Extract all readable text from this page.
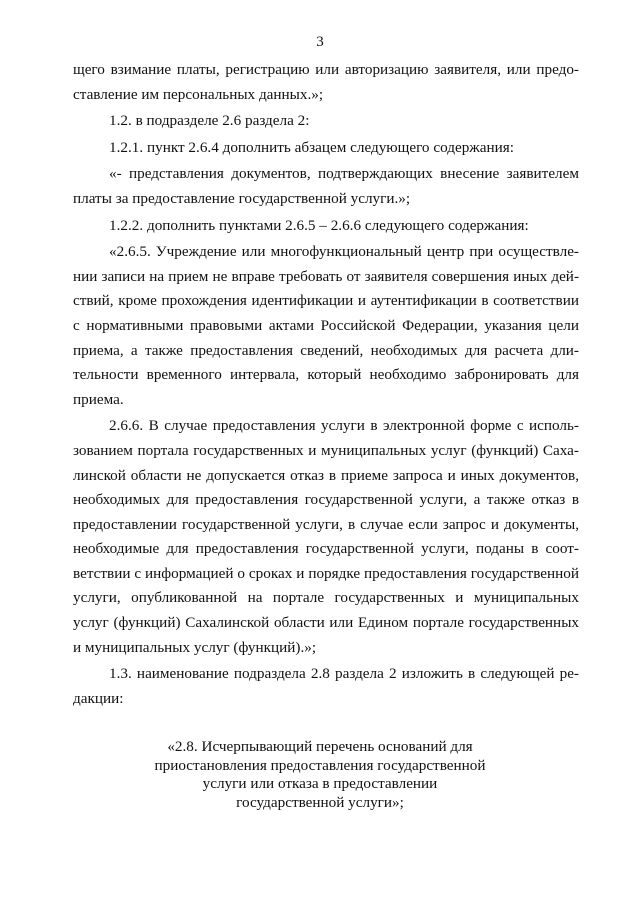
3
щего взимание платы, регистрацию или авторизацию заявителя, или предо-
ставление им персональных данных.»;
1.2. в подразделе 2.6 раздела 2:
1.2.1. пункт 2.6.4 дополнить абзацем следующего содержания:
«- представления документов, подтверждающих внесение заявителем
платы за предоставление государственной услуги.»;
1.2.2. дополнить пунктами 2.6.5 – 2.6.6 следующего содержания:
«2.6.5. Учреждение или многофункциональный центр при осуществле-
нии записи на прием не вправе требовать от заявителя совершения иных дей-
ствий, кроме прохождения идентификации и аутентификации в соответствии
с нормативными правовыми актами Российской Федерации, указания цели
приема, а также предоставления сведений, необходимых для расчета дли-
тельности временного интервала, который необходимо забронировать для
приема.
2.6.6. В случае предоставления услуги в электронной форме с исполь-
зованием портала государственных и муниципальных услуг (функций) Саха-
линской области не допускается отказ в приеме запроса и иных документов,
необходимых для предоставления государственной услуги, а также отказ в
предоставлении государственной услуги, в случае если запрос и документы,
необходимые для предоставления государственной услуги, поданы в соот-
ветствии с информацией о сроках и порядке предоставления государственной
услуги, опубликованной на портале государственных и муниципальных
услуг (функций) Сахалинской области или Едином портале государственных
и муниципальных услуг (функций).»;
1.3. наименование подраздела 2.8 раздела 2 изложить в следующей ре-
дакции:
«2.8. Исчерпывающий перечень оснований для
приостановления предоставления государственной
услуги или отказа в предоставлении
государственной услуги»;
